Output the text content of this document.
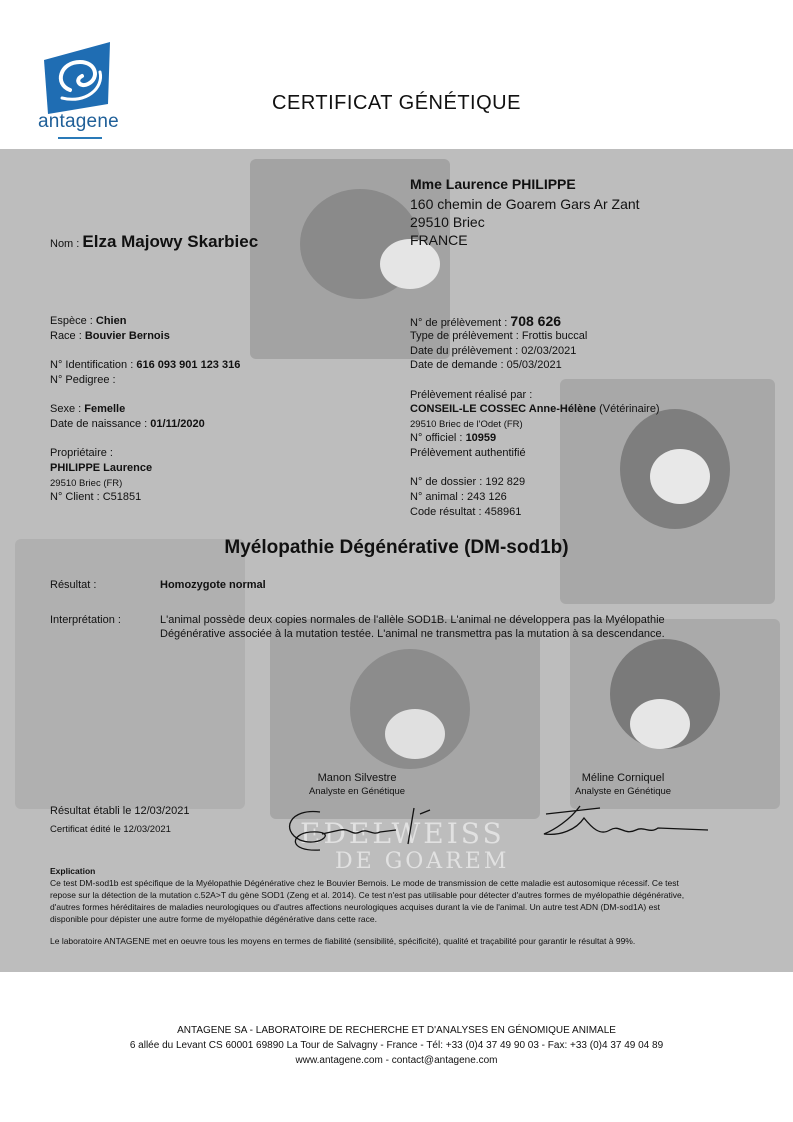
antagene
CERTIFICAT GÉNÉTIQUE
EDELWEISS
DE GOAREM
Mme Laurence PHILIPPE
160 chemin de Goarem Gars Ar Zant
29510 Briec
FRANCE
Nom : Elza Majowy Skarbiec
Espèce : Chien
Race : Bouvier Bernois
N° Identification : 616 093 901 123 316
N° Pedigree :
Sexe : Femelle
Date de naissance : 01/11/2020
Propriétaire :
PHILIPPE Laurence
29510 Briec (FR)
N° Client : C51851
N° de prélèvement : 708 626
Type de prélèvement : Frottis buccal
Date du prélèvement : 02/03/2021
Date de demande : 05/03/2021
Prélèvement réalisé par :
CONSEIL-LE COSSEC Anne-Hélène (Vétérinaire)
29510 Briec de l'Odet (FR)
N° officiel : 10959
Prélèvement authentifié
N° de dossier : 192 829
N° animal : 243 126
Code résultat : 458961
Myélopathie Dégénérative (DM-sod1b)
Résultat :	Homozygote normal
Interprétation :	L'animal possède deux copies normales de l'allèle SOD1B. L'animal ne développera pas la Myélopathie
Dégénérative associée à la mutation testée. L'animal ne transmettra pas la mutation à sa descendance.
Manon Silvestre
Analyste en Génétique
Méline Corniquel
Analyste en Génétique
Résultat établi le 12/03/2021
Certificat édité le 12/03/2021
Explication
Ce test DM-sod1b est spécifique de la Myélopathie Dégénérative chez le Bouvier Bernois. Le mode de transmission de cette maladie est autosomique récessif. Ce test
repose sur la détection de la mutation c.52A>T du gène SOD1 (Zeng et al. 2014). Ce test n'est pas utilisable pour détecter d'autres formes de myélopathie dégénérative,
d'autres formes héréditaires de maladies neurologiques ou d'autres affections neurologiques acquises durant la vie de l'animal. Un autre test ADN (DM-sod1A) est
disponible pour dépister une autre forme de myélopathie dégénérative dans cette race.
Le laboratoire ANTAGENE met en oeuvre tous les moyens en termes de fiabilité (sensibilité, spécificité), qualité et traçabilité pour garantir le résultat à 99%.
ANTAGENE SA - LABORATOIRE DE RECHERCHE ET D'ANALYSES EN GÉNOMIQUE ANIMALE
6 allée du Levant CS 60001 69890 La Tour de Salvagny - France - Tél: +33 (0)4 37 49 90 03 - Fax: +33 (0)4 37 49 04 89
www.antagene.com - contact@antagene.com
